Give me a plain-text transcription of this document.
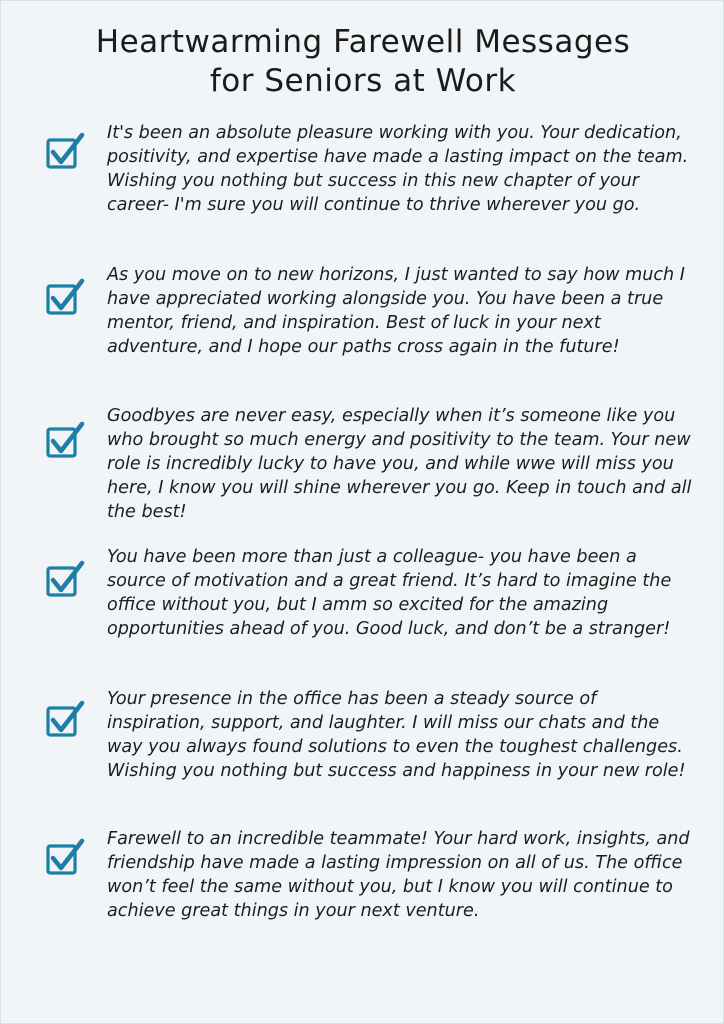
Heartwarming Farewell Messages
for Seniors at Work

It's been an absolute pleasure working with you. Your dedication, positivity, and expertise have made a lasting impact on the team. Wishing you nothing but success in this new chapter of your career- I'm sure you will continue to thrive wherever you go.

As you move on to new horizons, I just wanted to say how much I have appreciated working alongside you. You have been a true mentor, friend, and inspiration. Best of luck in your next adventure, and I hope our paths cross again in the future!

Goodbyes are never easy, especially when it’s someone like you who brought so much energy and positivity to the team. Your new role is incredibly lucky to have you, and while wwe will miss you here, I know you will shine wherever you go. Keep in touch and all the best!

You have been more than just a colleague- you have been a source of motivation and a great friend. It’s hard to imagine the office without you, but I amm so excited for the amazing opportunities ahead of you. Good luck, and don’t be a stranger!

Your presence in the office has been a steady source of inspiration, support, and laughter. I will miss our chats and the way you always found solutions to even the toughest challenges. Wishing you nothing but success and happiness in your new role!

Farewell to an incredible teammate! Your hard work, insights, and friendship have made a lasting impression on all of us. The office won’t feel the same without you, but I know you will continue to achieve great things in your next venture.
